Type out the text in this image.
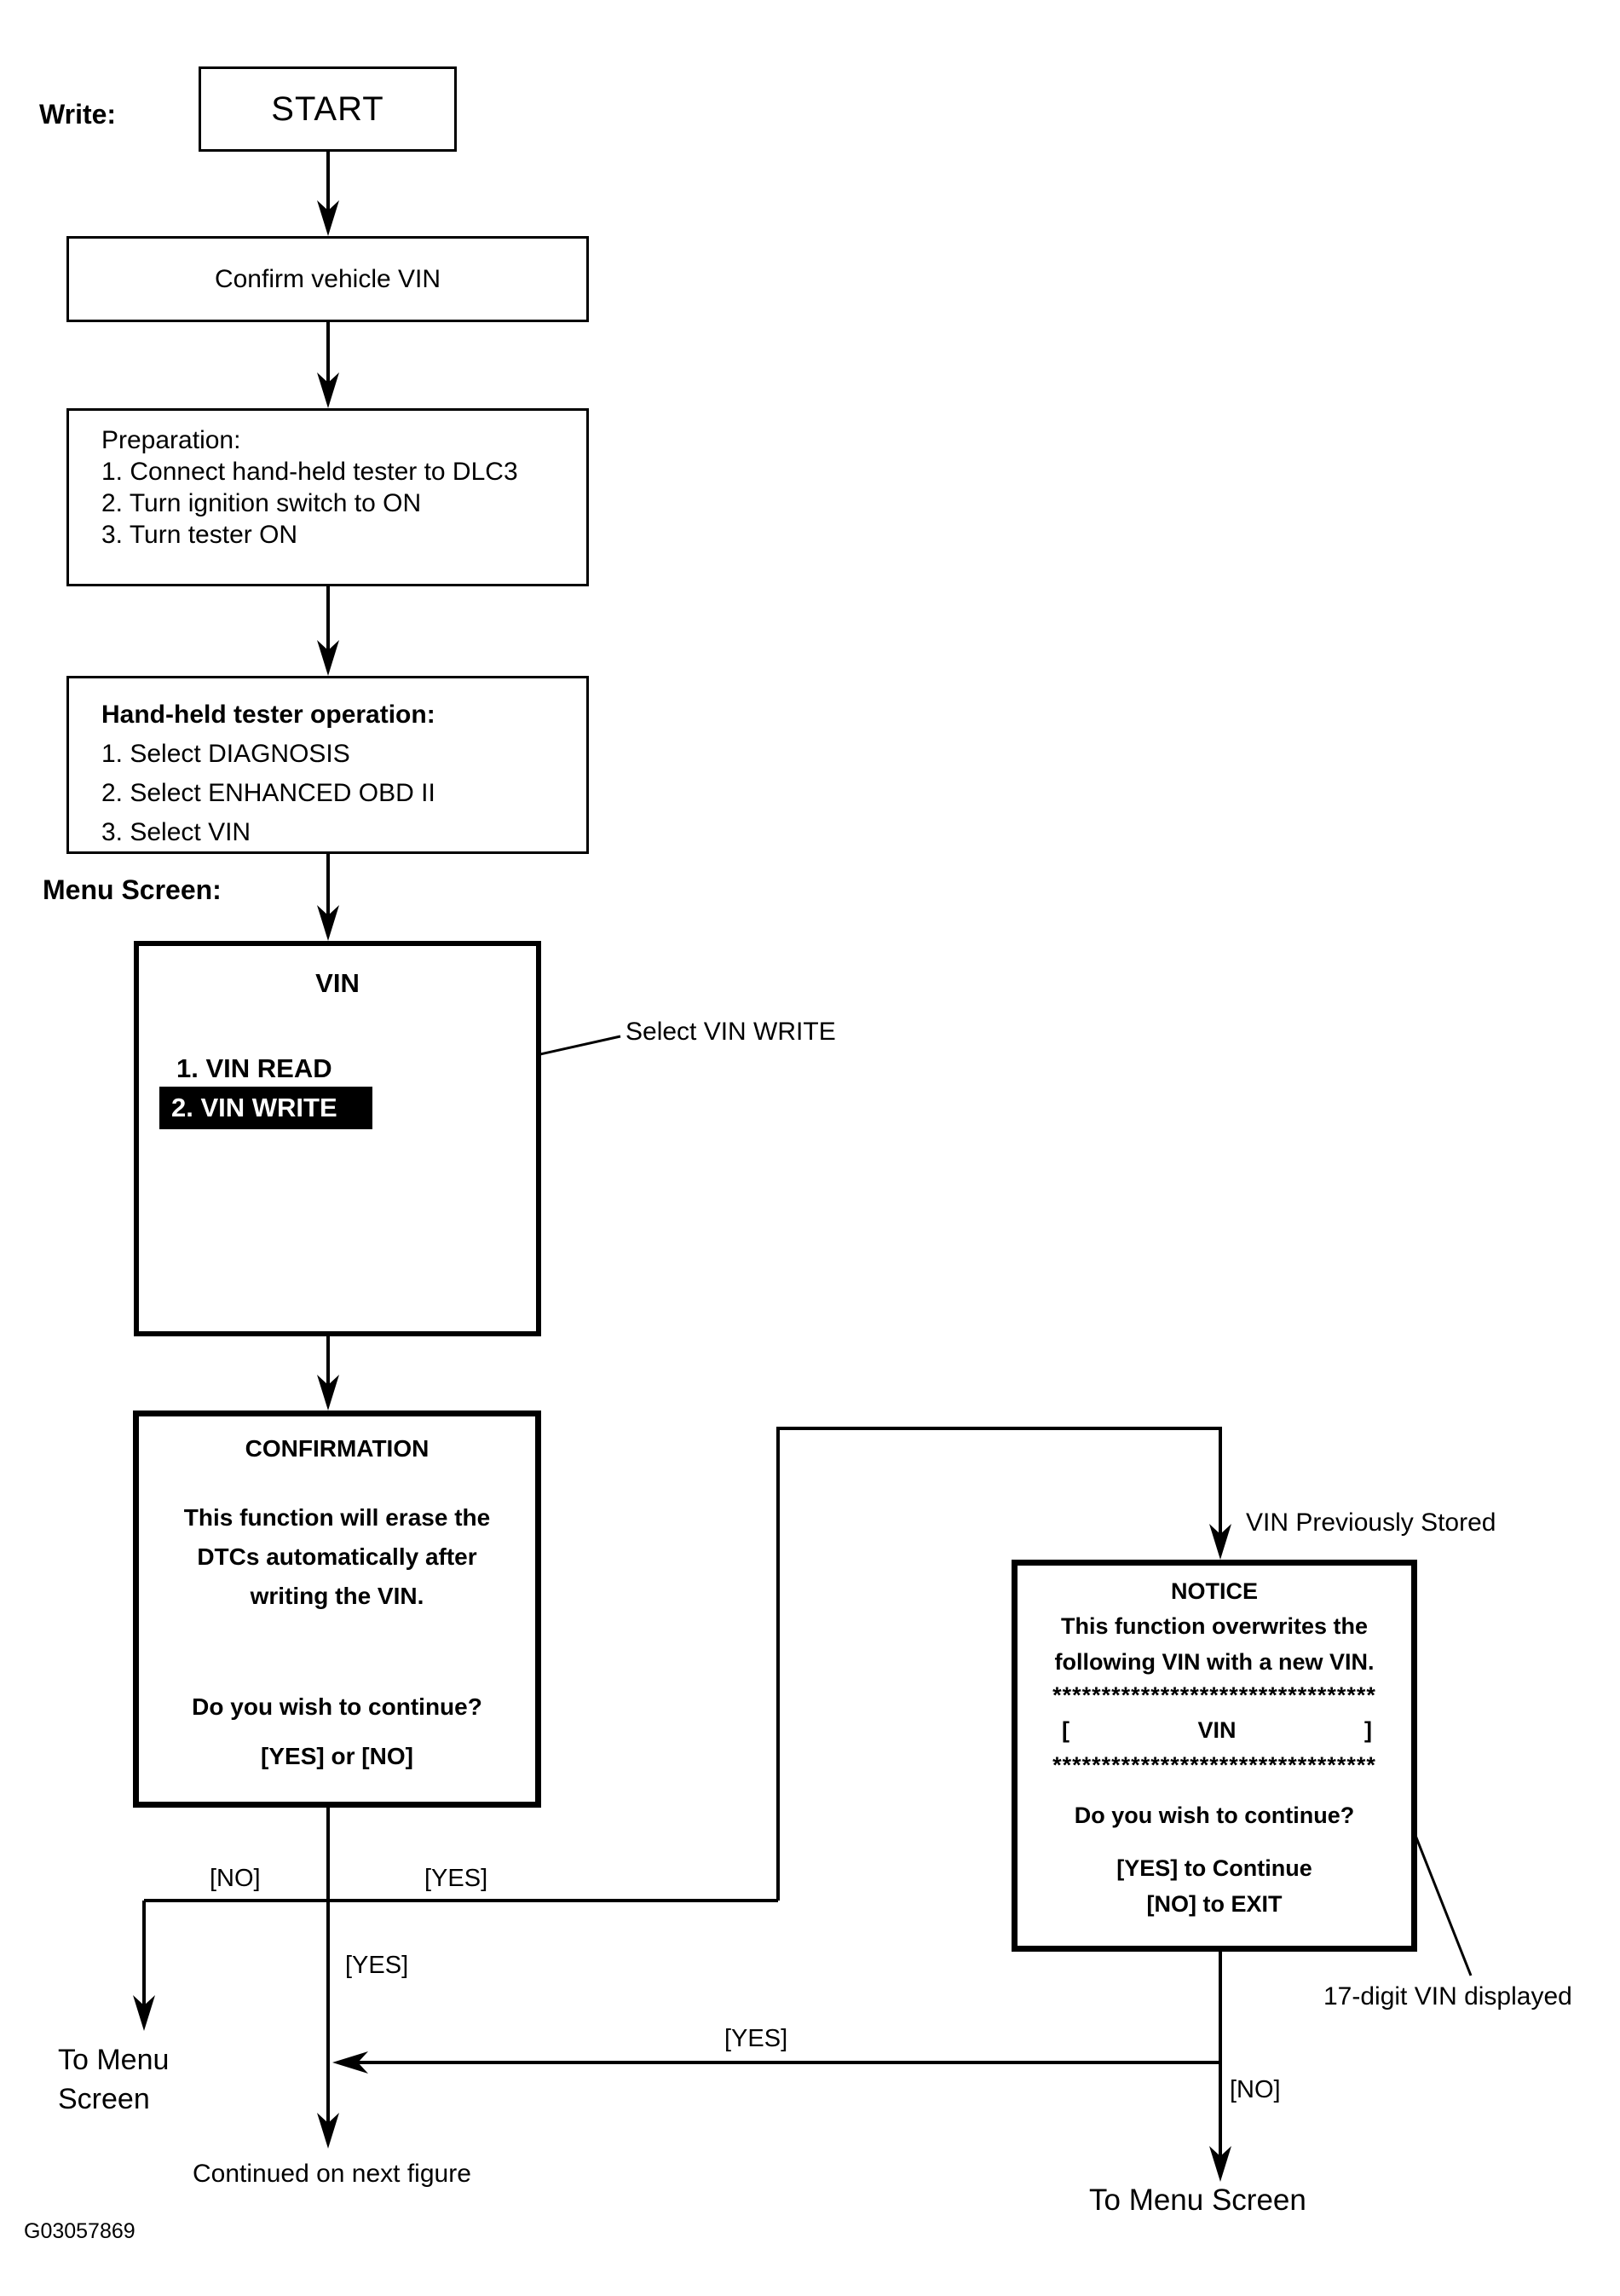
Write:
Menu Screen:
START
Confirm vehicle VIN
Preparation:
1. Connect hand-held tester to DLC3
2. Turn ignition switch to ON
3. Turn tester ON
Hand-held tester operation:
1. Select DIAGNOSIS
2. Select ENHANCED OBD II
3. Select VIN
VIN
1. VIN READ
2. VIN WRITE
Select VIN WRITE
CONFIRMATION
This function will erase the
DTCs automatically after
writing the VIN.
Do you wish to continue?
[YES] or [NO]
NOTICE
This function overwrites the
following VIN with a new VIN.
*********************************
[	VIN	]
*********************************
Do you wish to continue?
[YES] to Continue
[NO] to EXIT
VIN Previously Stored
17-digit VIN displayed
[NO]	[YES]
[YES]
[YES]
[NO]
To Menu
Screen
Continued on next figure
To Menu Screen
G03057869
